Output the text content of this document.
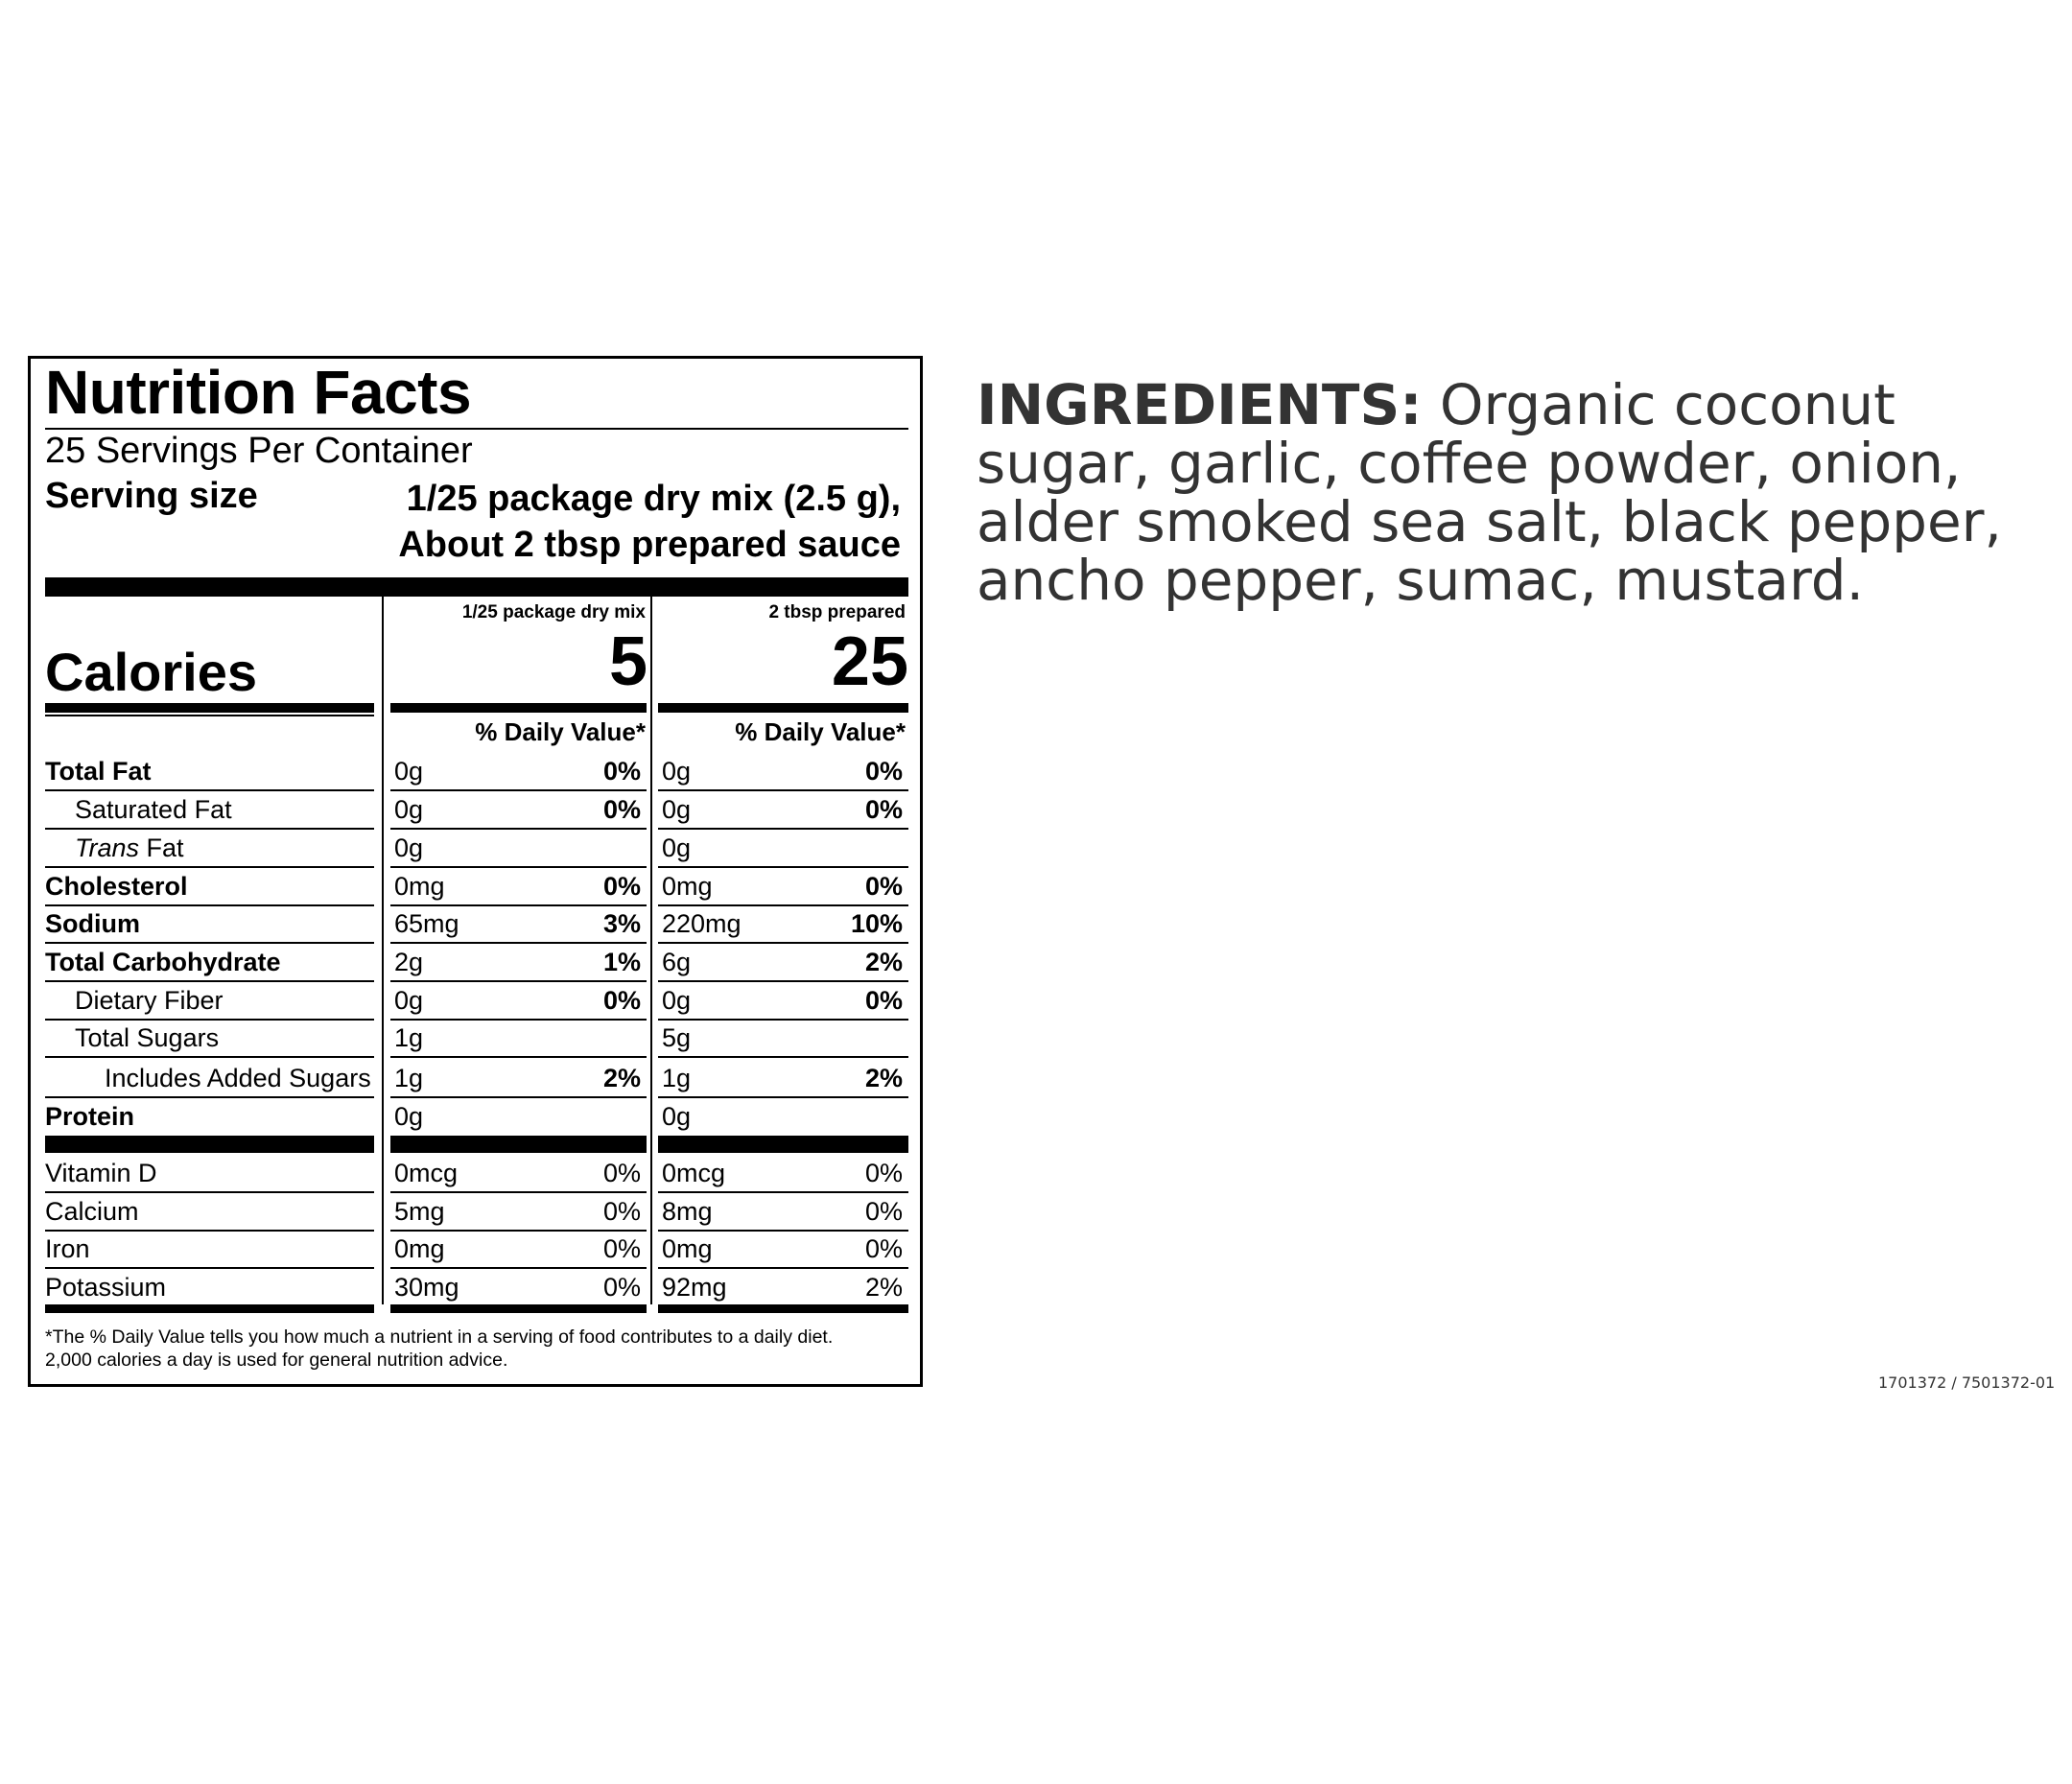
Nutrition Facts
25 Servings Per Container
Serving size	1/25 package dry mix (2.5 g),
About 2 tbsp prepared sauce
1/25 package dry mix	2 tbsp prepared
Calories	5	25
% Daily Value*	% Daily Value*
Total Fat	0g	0% 0g	0%
Saturated Fat	0g	0% 0g	0%
Trans Fat	0g	0g
Cholesterol	0mg	0% 0mg	0%
Sodium	65mg	3% 220mg	10%
Total Carbohydrate	2g	1% 6g	2%
Dietary Fiber	0g	0% 0g	0%
Total Sugars	1g	5g
Includes Added Sugars 1g	2% 1g	2%
Protein	0g	0g
Vitamin D	0mcg	0% 0mcg	0%
Calcium	5mg	0% 8mg	0%
Iron	0mg	0% 0mg	0%
Potassium	30mg	0% 92mg	2%
*The % Daily Value tells you how much a nutrient in a serving of food contributes to a daily diet.
2,000 calories a day is used for general nutrition advice.
INGREDIENTS: Organic coconut sugar, garlic, coffee powder, onion, alder smoked sea salt, black pepper, ancho pepper, sumac, mustard.
1701372 / 7501372-01
